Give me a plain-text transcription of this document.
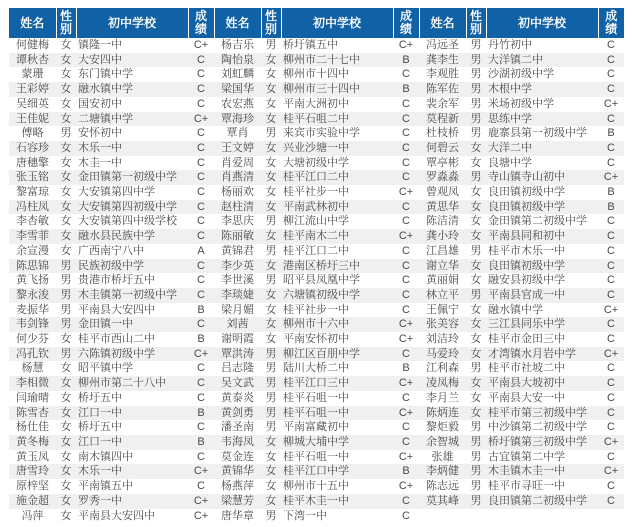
姓名	性别	初中学校	成绩	姓名	性别	初中学校	成绩	姓名	性别	初中学校	成绩
何健梅	女	镇隆一中	C+	杨吉乐	男	桥圩镇五中	C+	冯远圣	男	丹竹初中	C
谭秋杏	女	大安四中	C	陶怡泉	女	柳州市二十七中	B	龚李生	男	大洋镇二中	C
蒙珊	女	东门镇中学	C	刘虹麟	女	柳州市十四中	C	李观胜	男	沙湖初级中学	C
王彩婷	女	融水镇中学	C	梁国华	女	柳州市三十四中	B	陈军佐	男	木根中学	C
吴细英	女	国安初中	C	农宏燕	女	平南大洲初中	C	裴余军	男	米场初级中学	C+
王佳妮	女	二塘镇中学	C+	覃海珍	女	桂平石咀二中	C	莫程新	男	思练中学	C
傅略	男	安怀初中	C	覃肖	男	来宾市实验中学	C	杜枝桥	男	鹿寨县第一初级中学	B
石容珍	女	木乐一中	C	王文婷	女	兴业沙塘一中	C	何碧云	女	大洋二中	C
唐穗擎	女	木圭一中	C	肖爱周	女	大塘初级中学	C	覃亭彬	女	良塘中学	C
张玉铭	女	金田镇第一初级中学	C	肖燕清	女	桂平江口二中	C	罗淼淼	男	寺山镇寺山初中	C+
黎富琼	女	大安镇第四中学	C	杨丽欢	女	桂平社步一中	C+	曾观凤	女	良田镇初级中学	B
冯柱凤	女	大安镇第四初级中学	C	赵柱清	女	平南武林初中	C	黄思华	女	良田镇初级中学	B
李杏敏	女	大安镇第四中级学校	C	李思庆	男	柳江流山中学	C	陈洁清	女	金田镇第二初级中学	C
李雪菲	女	融水县民族中学	C	陈丽敏	女	桂平南木二中	C+	龚小玲	女	平南县同和初中	C
余宣漫	女	广西南宁八中	A	黄锦君	男	桂平江口二中	C	江昌雄	男	桂平市木乐一中	C
陈思锦	男	民族初级中学	C	李少英	女	港南区桥圩三中	C	谢立华	女	良田镇初级中学	C
黄飞扬	男	贵港市桥圩五中	C	李世溪	男	昭平县凤凰中学	C	黄丽娟	女	融安县初级中学	C
黎永浚	男	木圭镇第一初级中学	C	李琰婕	女	六塘镇初级中学	C	林立平	男	平南县官成一中	C
麦振华	男	平南县大安四中	B	梁月媚	女	桂平社步一中	C	王佩宁	女	融水镇中学	C+
韦剑锋	男	金田镇一中	C	刘茜	女	柳州市十六中	C+	张美容	女	三江县同乐中学	C
何少芬	女	桂平市西山二中	B	谢明霞	女	平南安怀初中	C+	刘洁玲	女	桂平市金田三中	C
冯孔钦	男	六陈镇初级中学	C+	覃洪涛	男	柳江区百朋中学	C	马爱玲	女	才湾镇水月岩中学	C+
杨慧	女	昭平镇中学	C	吕志隆	男	陆川大桥二中	B	江利森	男	桂平市社坡二中	C
李相微	女	柳州市第二十八中	C	吴文武	男	桂平江口三中	C+	凌凤梅	女	平南县大坡初中	C
闫瑜晴	女	桥圩五中	C	黄泰炎	男	桂平石咀一中	C	李月兰	女	平南县大安一中	C
陈雪杏	女	江口一中	B	黄剑勇	男	桂平石咀一中	C+	陈炳连	女	桂平市第三初级中学	C
杨仕佳	女	桥圩五中	C	潘圣南	男	平南富藏初中	C	黎炬毅	男	中沙镇第二初级中学	C
黄冬梅	女	江口一中	B	韦海凤	女	柳城大埔中学	C	余智城	男	桥圩镇第三初级中学	C+
黄玉凤	女	南木镇四中	C	莫金连	女	桂平石咀一中	C+	张雄	男	古宜镇第二中学	C
唐雪玲	女	木乐一中	C+	黄锦华	女	桂平江口中学	B	李炳健	男	木圭镇木圭一中	C+
原梓坚	女	平南镇五中	C	杨燕萍	女	柳州市十五中	C+	陈志远	男	桂平市寻旺一中	C
施金超	女	罗秀一中	C+	梁慧芳	女	桂平木圭一中	C	莫其峰	男	良田镇第二初级中学	C
冯萍	女	平南县大安四中	C+	唐华章	男	下湾一中	C				
